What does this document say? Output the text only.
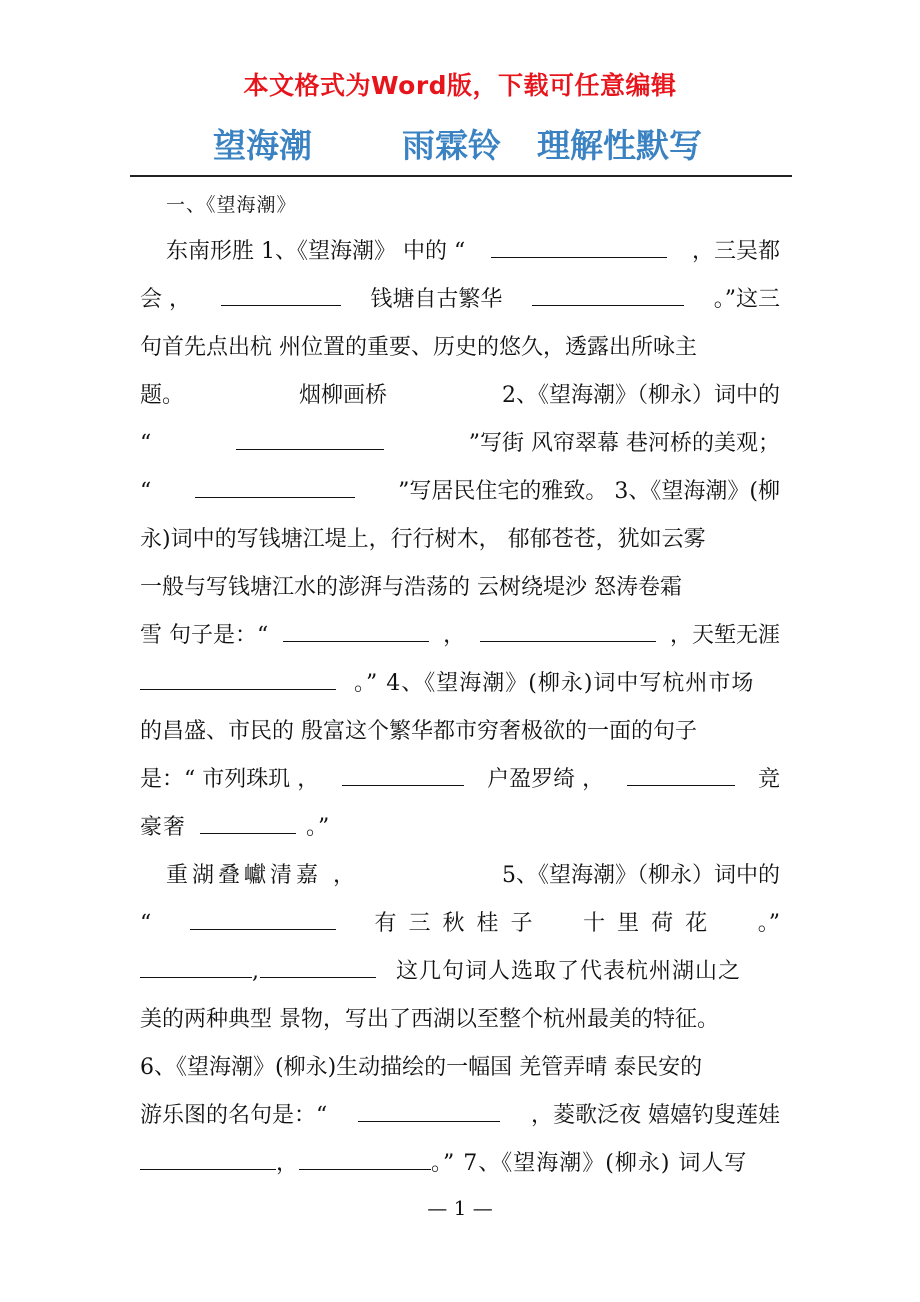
本文格式为Word版，下载可任意编辑
望海潮	雨霖铃 理解性默写
一、《望海潮》
东南形胜 1、《望海潮》 中的 “	，三吴都
会 ，	钱塘自古繁华	。”这三
句首先点出杭 州位置的重要、历史的悠久，透露出所咏主
题。	烟柳画桥	2、《望海潮》（柳永）词中的
“	”写街 风帘翠幕 巷河桥的美观；
“	”写居民住宅的雅致。 3、《望海潮》(柳
永)词中的写钱塘江堤上，行行树木， 郁郁苍苍，犹如云雾
一般与写钱塘江水的澎湃与浩荡的 云树绕堤沙 怒涛卷霜
雪 句子是：“	，	，天堑无涯
。” 4、《望海潮》(柳永)词中写杭州市场
的昌盛、市民的 殷富这个繁华都市穷奢极欲的一面的句子
是：“ 市列珠玑 ，	户盈罗绮 ，	竞
豪奢	。”
重湖叠巘清嘉 ，	5、《望海潮》（柳永）词中的
“	有三秋桂子 十里荷花 。”
,	这几句词人选取了代表杭州湖山之
美的两种典型 景物，写出了西湖以至整个杭州最美的特征。
6、《望海潮》(柳永)生动描绘的一幅国 羌管弄晴 泰民安的
游乐图的名句是：“	，菱歌泛夜 嬉嬉钓叟莲娃
，	。” 7、《望海潮》(柳永) 词人写
— 1 —
